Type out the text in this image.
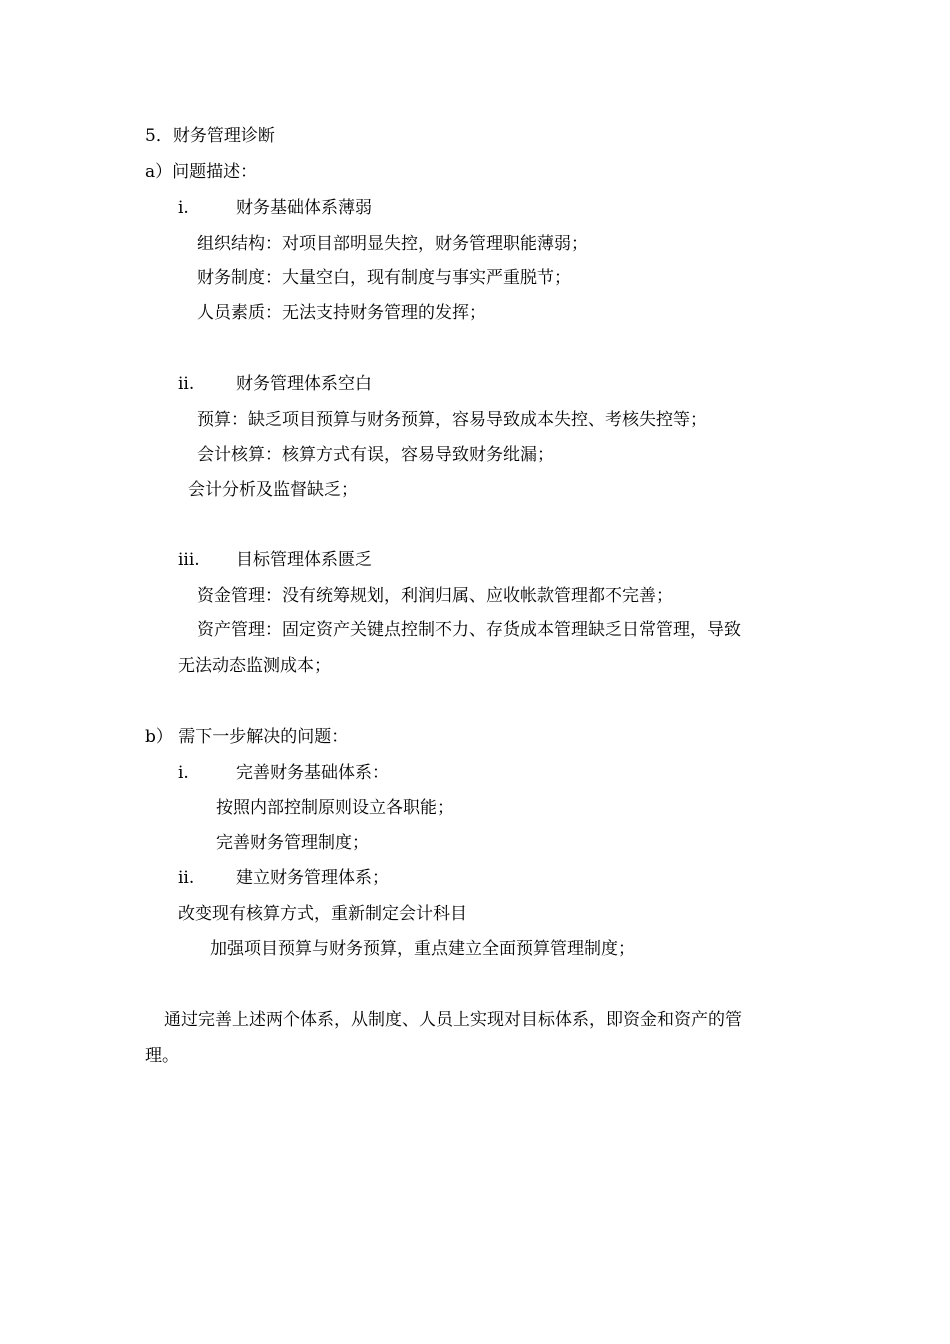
5．财务管理诊断
a）问题描述：
i.	财务基础体系薄弱
组织结构：对项目部明显失控，财务管理职能薄弱；
财务制度：大量空白，现有制度与事实严重脱节；
人员素质：无法支持财务管理的发挥；
ii. 财务管理体系空白
预算：缺乏项目预算与财务预算，容易导致成本失控、考核失控等；
会计核算：核算方式有误，容易导致财务纰漏；
会计分析及监督缺乏；
iii. 目标管理体系匮乏
资金管理：没有统筹规划，利润归属、应收帐款管理都不完善；
资产管理：固定资产关键点控制不力、存货成本管理缺乏日常管理，导致
无法动态监测成本；
b） 需下一步解决的问题：
i.	完善财务基础体系：
按照内部控制原则设立各职能；
完善财务管理制度；
ii. 建立财务管理体系；
改变现有核算方式，重新制定会计科目
加强项目预算与财务预算，重点建立全面预算管理制度；
通过完善上述两个体系，从制度、人员上实现对目标体系，即资金和资产的管
理。
